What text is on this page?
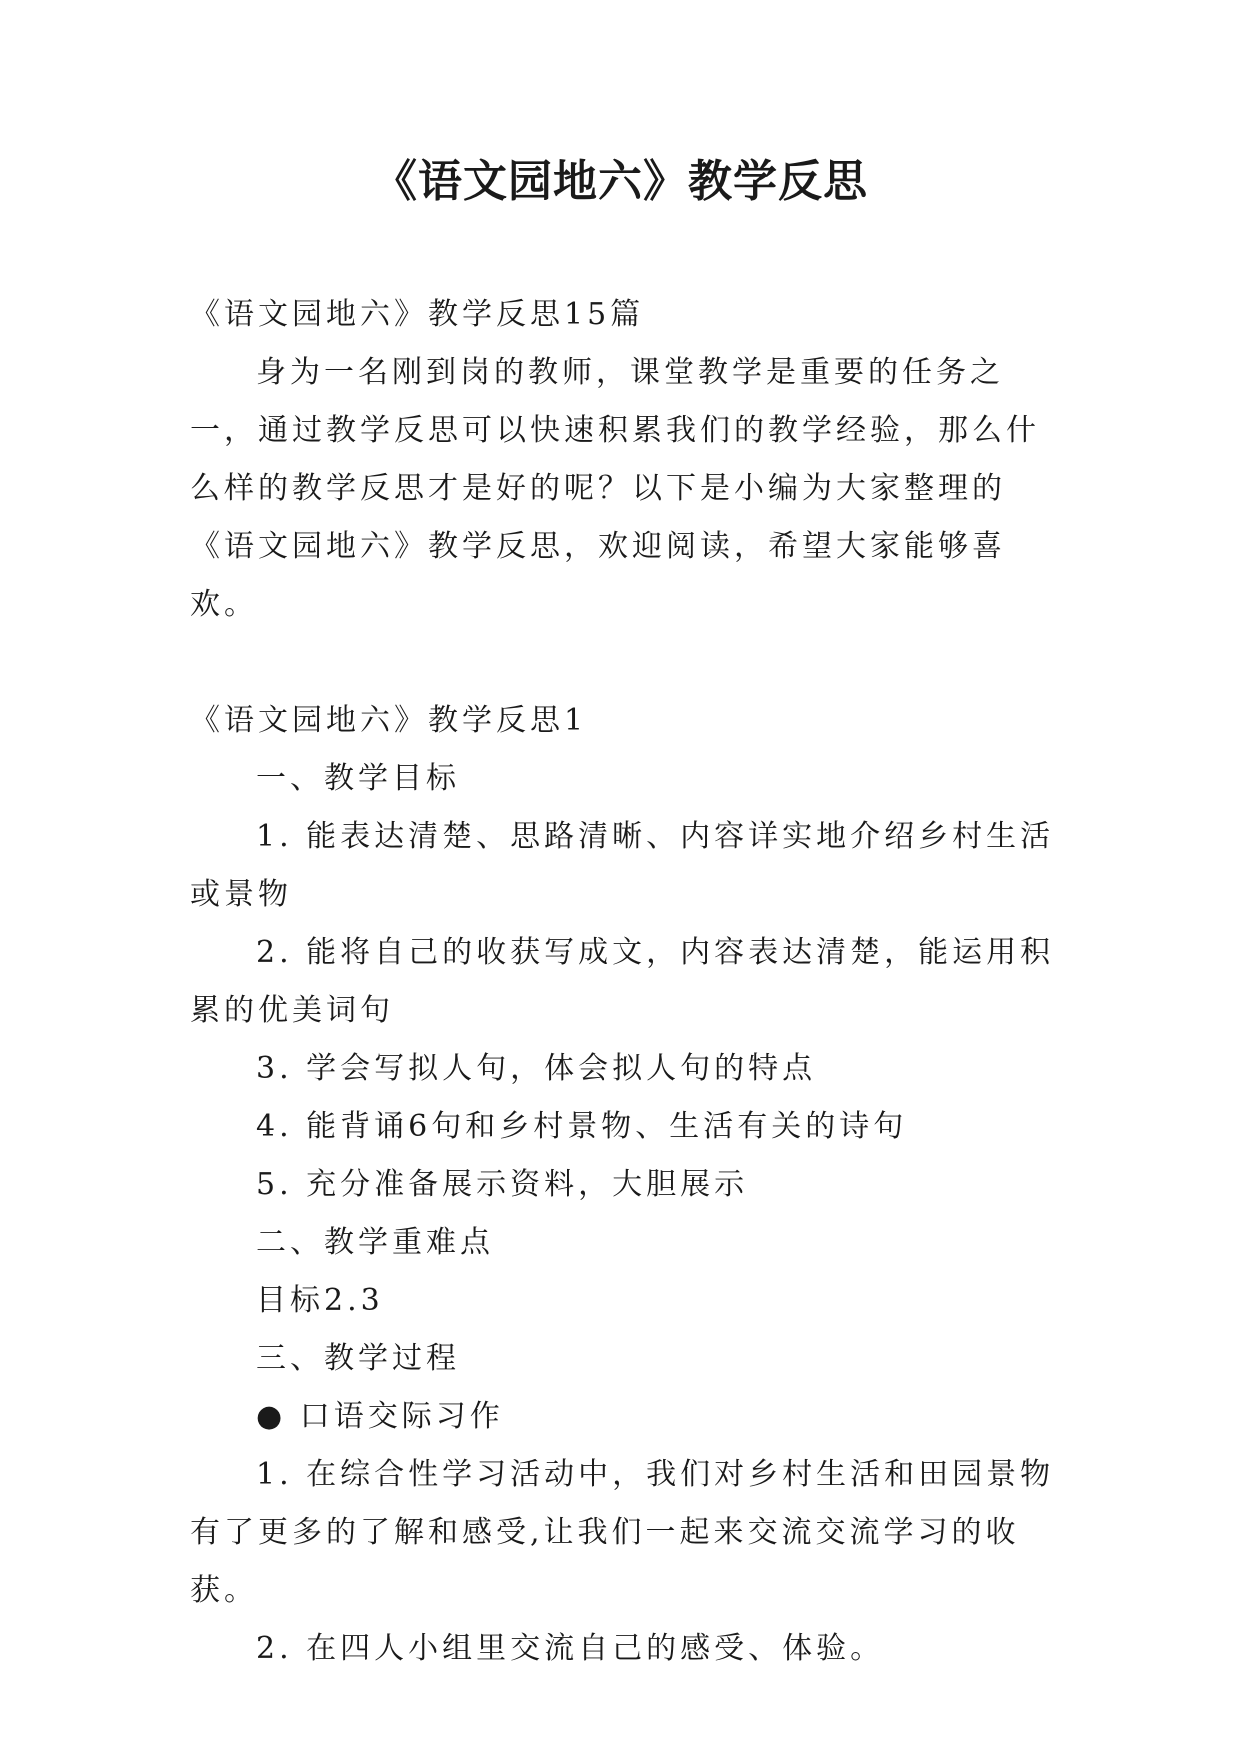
《语文园地六》教学反思

《语文园地六》教学反思15篇

身为一名刚到岗的教师，课堂教学是重要的任务之一，通过教学反思可以快速积累我们的教学经验，那么什么样的教学反思才是好的呢？以下是小编为大家整理的《语文园地六》教学反思，欢迎阅读，希望大家能够喜欢。

《语文园地六》教学反思1

一、教学目标

1. 能表达清楚、思路清晰、内容详实地介绍乡村生活或景物

2. 能将自己的收获写成文，内容表达清楚，能运用积累的优美词句

3. 学会写拟人句，体会拟人句的特点

4. 能背诵6句和乡村景物、生活有关的诗句

5. 充分准备展示资料，大胆展示

二、教学重难点

目标2.3

三、教学过程

● 口语交际习作

1. 在综合性学习活动中，我们对乡村生活和田园景物有了更多的了解和感受,让我们一起来交流交流学习的收获。

2. 在四人小组里交流自己的感受、体验。
